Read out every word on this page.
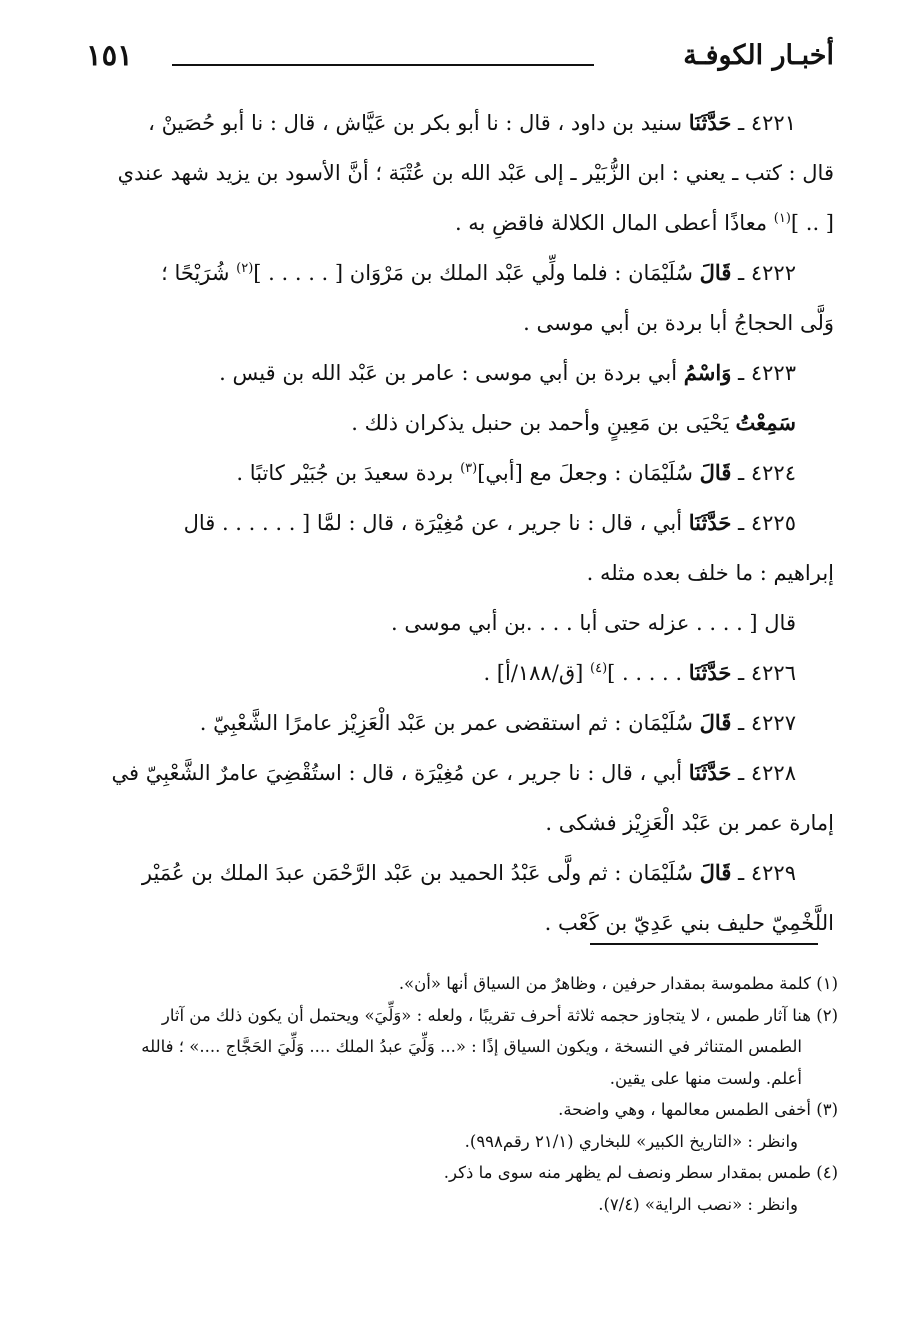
أخبـار الكوفـة
١٥١
٤٢٢١ ـ حَدَّثَنَا سنيد بن داود ، قال : نا أبو بكر بن عَيَّاش ، قال : نا أبو حُصَينْ ،
قال : كتب ـ يعني : ابن الزُّبَيْر ـ إلى عَبْد الله بن عُتْبَة ؛ أنَّ الأسود بن يزيد شهد عندي
[ .. ]$^{(١)}$ معاذًا أعطى المال الكلالة فاقضِ به .
٤٢٢٢ ـ قَالَ سُلَيْمَان : فلما ولِّي عَبْد الملك بن مَرْوَان [ . . . . . ]$^{(٢)}$ شُرَيْحًا ؛
وَلَّى الحجاجُ أبا بردة بن أبي موسى .
٤٢٢٣ ـ وَاسْمُ أبي بردة بن أبي موسى : عامر بن عَبْد الله بن قيس .
سَمِعْتُ يَحْيَى بن مَعِينٍ وأحمد بن حنبل يذكران ذلك .
٤٢٢٤ ـ قَالَ سُلَيْمَان : وجعلَ مع [أبي]$^{(٣)}$ بردة سعيدَ بن جُبَيْر كاتبًا .
٤٢٢٥ ـ حَدَّثَنَا أبي ، قال : نا جرير ، عن مُغِيْرَة ، قال : لمَّا [ . . . . . . قال
إبراهيم : ما خلف بعده مثله .
قال [ . . . . عزله حتى أبا . . . .بن أبي موسى .
٤٢٢٦ ـ حَدَّثَنَا . . . . . ]$^{(٤)}$ [ق/١٨٨/أ] .
٤٢٢٧ ـ قَالَ سُلَيْمَان : ثم استقضى عمر بن عَبْد الْعَزِيْز عامرًا الشَّعْبِيّ .
٤٢٢٨ ـ حَدَّثَنَا أبي ، قال : نا جرير ، عن مُغِيْرَة ، قال : استُقْضِيَ عامرٌ الشَّعْبِيّ في
إمارة عمر بن عَبْد الْعَزِيْز فشكى .
٤٢٢٩ ـ قَالَ سُلَيْمَان : ثم ولَّى عَبْدُ الحميد بن عَبْد الرَّحْمَن عبدَ الملك بن عُمَيْر
اللَّخْمِيّ حليف بني عَدِيّ بن كَعْب .
(١) كلمة مطموسة بمقدار حرفين ، وظاهرٌ من السياق أنها «أن».
(٢) هنا آثار طمس ، لا يتجاوز حجمه ثلاثة أحرف تقريبًا ، ولعله : «وَلِّيَ» ويحتمل أن يكون ذلك من آثار
الطمس المتناثر في النسخة ، ويكون السياق إذًا : «... وَلِّيَ عبدُ الملك .... وَلِّيَ الحَجَّاج ....» ؛ فالله
أعلم. ولست منها على يقين.
(٣) أخفى الطمس معالمها ، وهي واضحة.
وانظر : «التاريخ الكبير» للبخاري (٢١/١ رقم٩٩٨).
(٤) طمس بمقدار سطر ونصف لم يظهر منه سوى ما ذكر.
وانظر : «نصب الراية» (٧/٤).
